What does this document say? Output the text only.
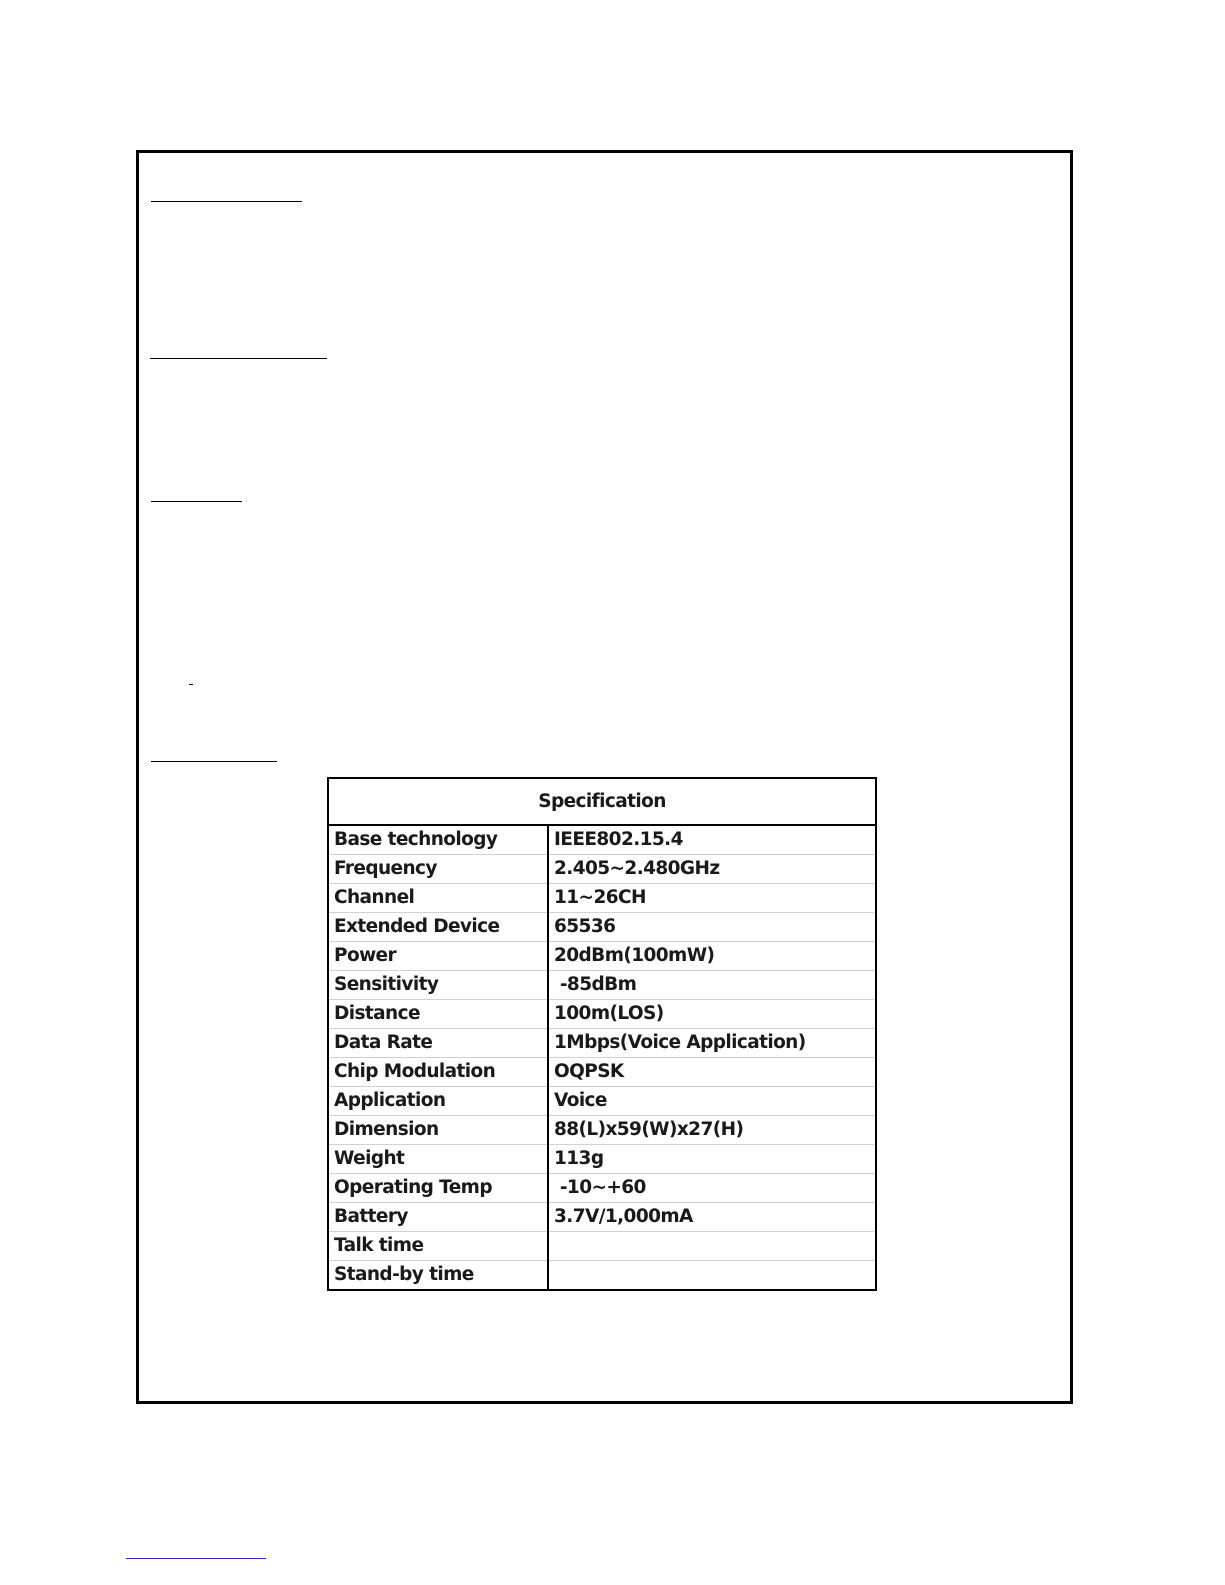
Specification	
Base technology	IEEE802.15.4
Frequency	2.405~2.480GHz
Channel	11~26CH
Extended Device	65536
Power	20dBm(100mW)
Sensitivity	-85dBm
Distance	100m(LOS)
Data Rate	1Mbps(Voice Application)
Chip Modulation	OQPSK
Application	Voice
Dimension	88(L)x59(W)x27(H)
Weight	113g
Operating Temp	-10~+60
Battery	3.7V/1,000mA
Talk time	
Stand-by time	
